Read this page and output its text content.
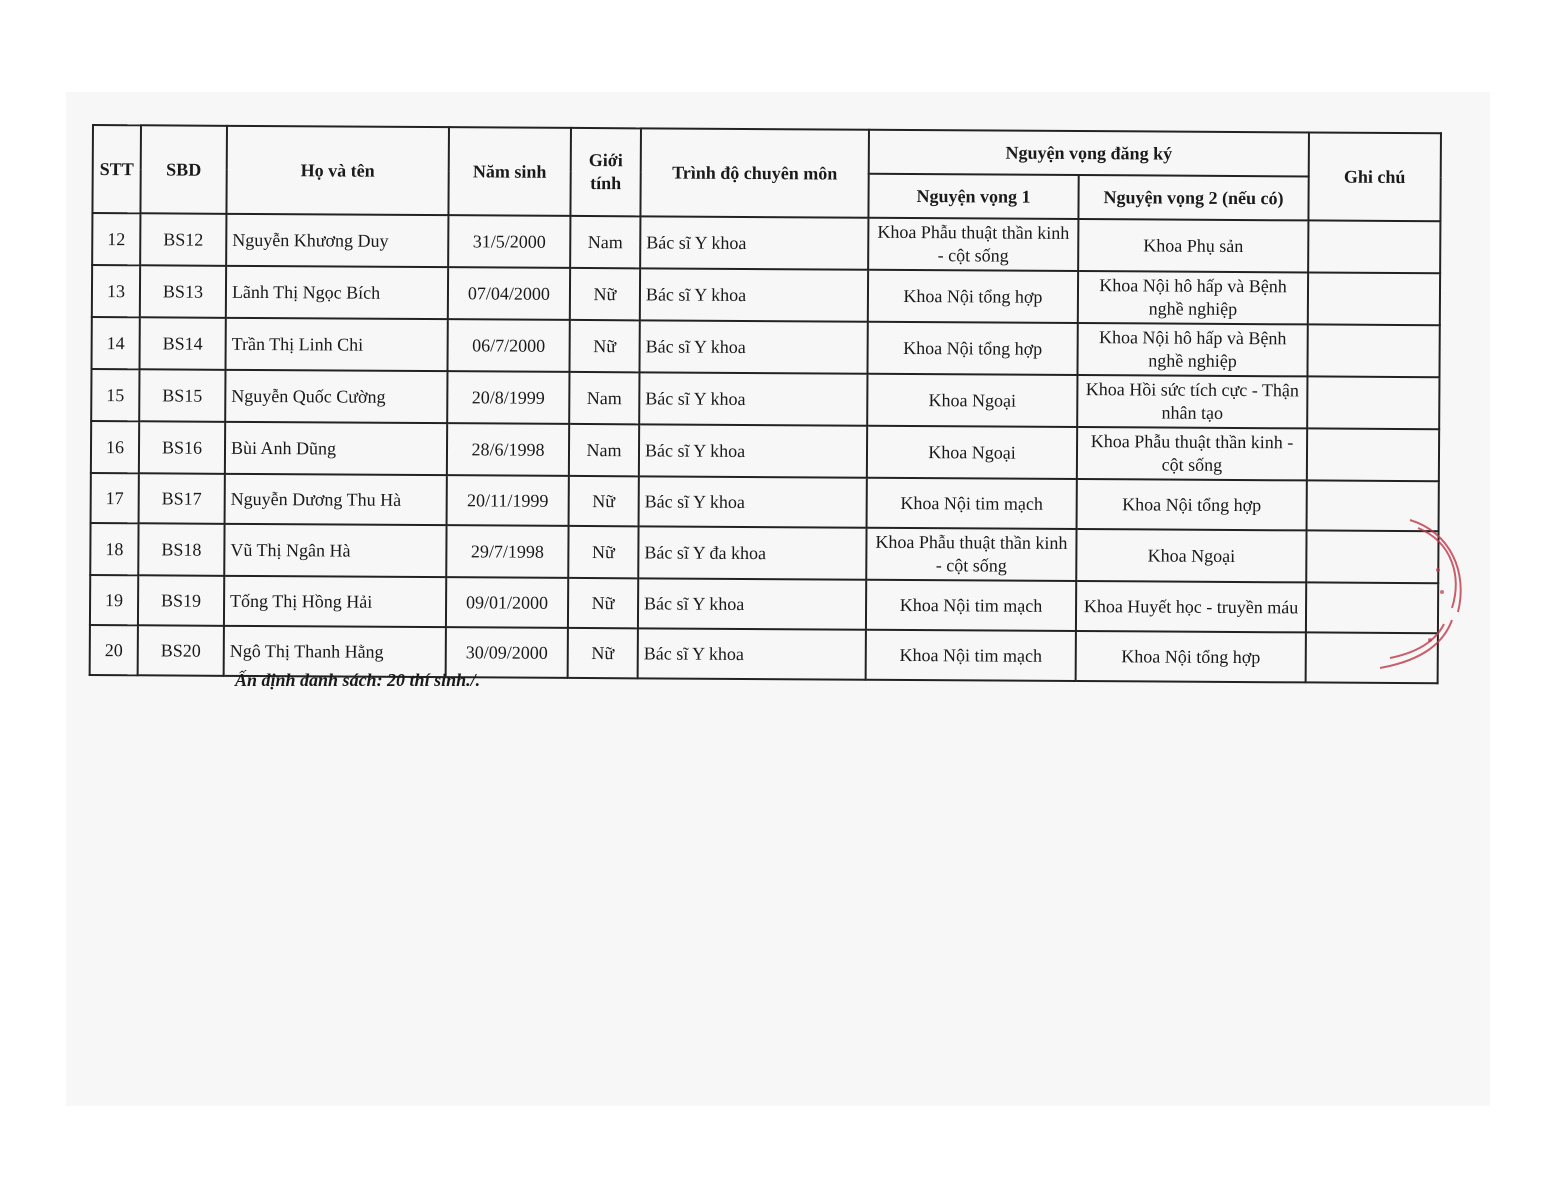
STT	SBD	Họ và tên	Năm sinh	Giới tính	Trình độ chuyên môn	Nguyện vọng đăng ký		Ghi chú
						Nguyện vọng 1	Nguyện vọng 2 (nếu có)	
12	BS12	Nguyễn Khương Duy	31/5/2000	Nam	Bác sĩ Y khoa	Khoa Phẫu thuật thần kinh - cột sống	Khoa Phụ sản	
13	BS13	Lãnh Thị Ngọc Bích	07/04/2000	Nữ	Bác sĩ Y khoa	Khoa Nội tổng hợp	Khoa Nội hô hấp và Bệnh nghề nghiệp	
14	BS14	Trần Thị Linh Chi	06/7/2000	Nữ	Bác sĩ Y khoa	Khoa Nội tổng hợp	Khoa Nội hô hấp và Bệnh nghề nghiệp	
15	BS15	Nguyễn Quốc Cường	20/8/1999	Nam	Bác sĩ Y khoa	Khoa Ngoại	Khoa Hồi sức tích cực - Thận nhân tạo	
16	BS16	Bùi Anh Dũng	28/6/1998	Nam	Bác sĩ Y khoa	Khoa Ngoại	Khoa Phẫu thuật thần kinh - cột sống	
17	BS17	Nguyễn Dương Thu Hà	20/11/1999	Nữ	Bác sĩ Y khoa	Khoa Nội tim mạch	Khoa Nội tổng hợp	
18	BS18	Vũ Thị Ngân Hà	29/7/1998	Nữ	Bác sĩ Y đa khoa	Khoa Phẫu thuật thần kinh - cột sống	Khoa Ngoại	
19	BS19	Tống Thị Hồng Hải	09/01/2000	Nữ	Bác sĩ Y khoa	Khoa Nội tim mạch	Khoa Huyết học - truyền máu	
20	BS20	Ngô Thị Thanh Hằng	30/09/2000	Nữ	Bác sĩ Y khoa	Khoa Nội tim mạch	Khoa Nội tổng hợp	
Ấn định danh sách: 20 thí sinh./.
